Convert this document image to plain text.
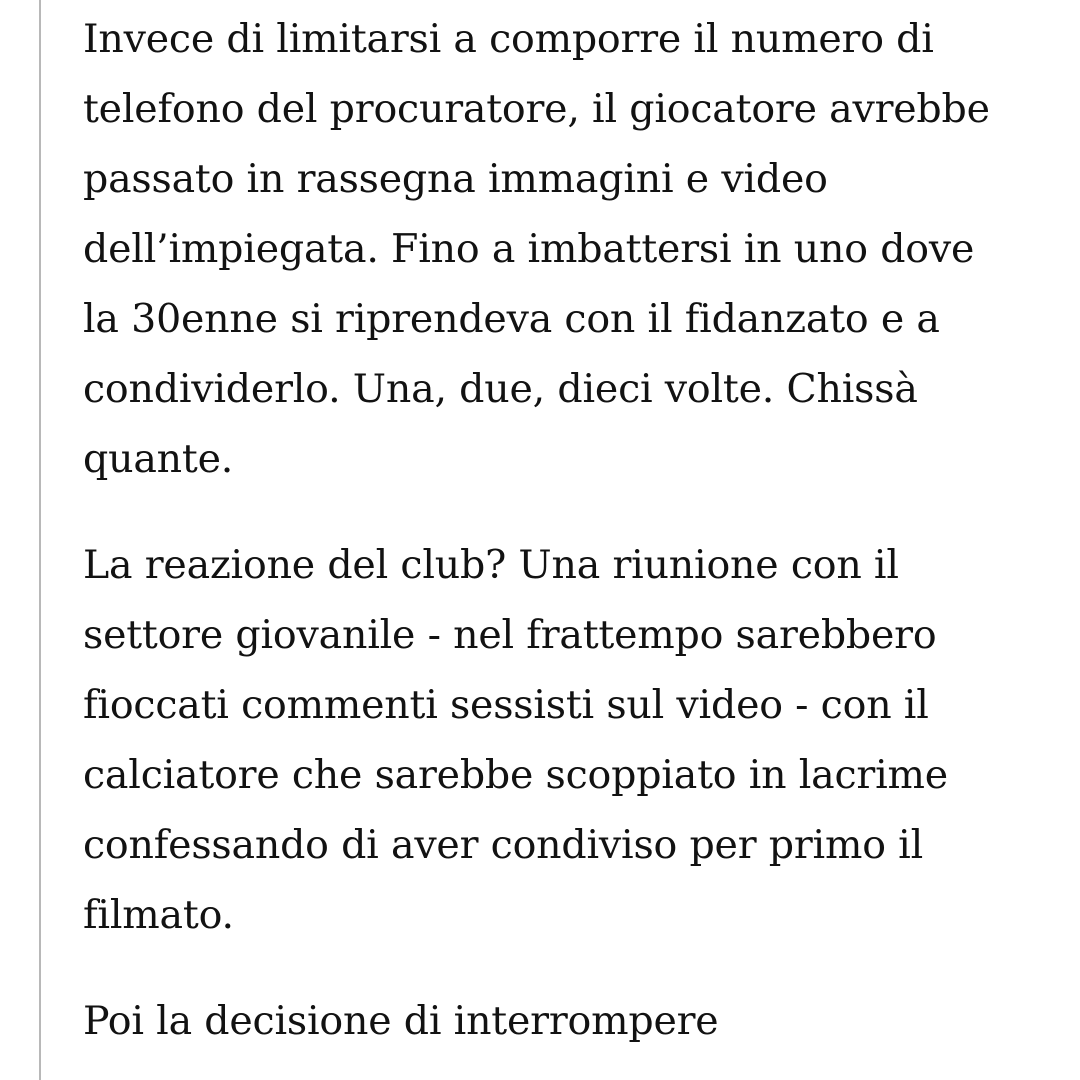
Invece di limitarsi a comporre il numero di
telefono del procuratore, il giocatore avrebbe
passato in rassegna immagini e video
dell’impiegata. Fino a imbattersi in uno dove
la 30enne si riprendeva con il fidanzato e a
condividerlo. Una, due, dieci volte. Chissà
quante.

La reazione del club? Una riunione con il
settore giovanile - nel frattempo sarebbero
fioccati commenti sessisti sul video - con il
calciatore che sarebbe scoppiato in lacrime
confessando di aver condiviso per primo il
filmato.

Poi la decisione di interrompere
